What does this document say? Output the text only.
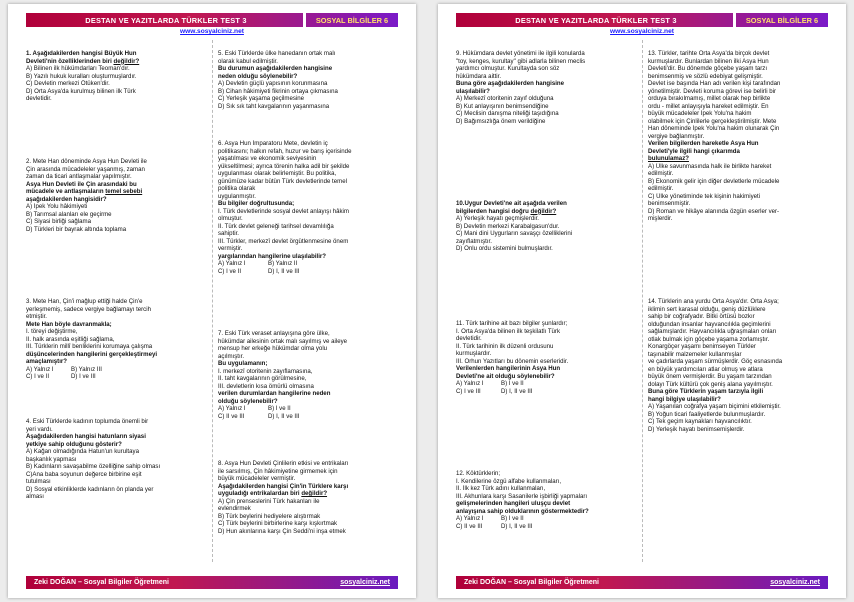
DESTAN VE YAZITLARDA TÜRKLER TEST 3	SOSYAL BİLGİLER 6
www.sosyalciniz.net
1. Aşağıdakilerden hangisi Büyük Hun
Devleti'nin özelliklerinden biri değildir?
A) Bilinen ilk hükümdarları Teoman'dır.
B) Yazılı hukuk kuralları oluşturmuşlardır.
C) Devletin merkezi Ötüken'dir.
D) Orta Asya'da kurulmuş bilinen ilk Türk
devletidir.
2. Mete Han döneminde Asya Hun Devleti ile
Çin arasında mücadeleler yaşanmış, zaman
zaman da ticari antlaşmalar yapılmıştır.
Asya Hun Devleti ile Çin arasındaki bu
mücadele ve antlaşmaların temel sebebi
aşağıdakilerden hangisidir?
A) İpek Yolu hâkimiyeti
B) Tarımsal alanları ele geçirme
C) Siyasi birliği sağlama
D) Türkleri bir bayrak altında toplama
3. Mete Han, Çin'i mağlup ettiği halde Çin'e
yerleşmemiş, sadece vergiye bağlamayı tercih
etmiştir.
Mete Han böyle davranmakla;
I. töreyi değiştirme,
II. halk arasında eşitliği sağlama,
III. Türklerin millî benliklerini korumaya çalışma
düşüncelerinden hangilerini gerçekleştirmeyi
amaçlamıştır?
A) Yalnız I	B) Yalnız III
C) I ve II	D) I ve III
4. Eski Türklerde kadının toplumda önemli bir
yeri vardı.
Aşağıdakilerden hangisi hatunların siyasi
yetkiye sahip olduğunu gösterir?
A) Kağan olmadığında Hatun'un kurultaya
başkanlık yapması
B) Kadınların savaşabilme özelliğine sahip olması
C)Ana baba soyunun değerce birbirine eşit
tutulması
D) Sosyal etkinliklerde kadınların ön planda yer
alması
5. Eski Türklerde ülke hanedanın ortak malı
olarak kabul edilmiştir.
Bu durumun aşağıdakilerden hangisine
neden olduğu söylenebilir?
A) Devletin güçlü yapısının korunmasına
B) Cihan hâkimiyeti fikrinin ortaya çıkmasına
C) Yerleşik yaşama geçilmesine
D) Sık sık taht kavgalarının yaşanmasına
6. Asya Hun İmparatoru Mete, devletin iç
politikasını; halkın refah, huzur ve barış içerisinde
yaşatılması ve ekonomik seviyesinin
yükseltilmesi; ayrıca törenin halka adil bir şekilde
uygulanması olarak belirlemiştir. Bu politika,
günümüze kadar bütün Türk devletlerinde temel
politika olarak
uygulanmıştır.
Bu bilgiler doğrultusunda;
I. Türk devletlerinde sosyal devlet anlayışı hâkim
olmuştur.
II. Türk devlet geleneği tarihsel devamlılığa
sahiptir.
III. Türkler, merkezî devlet örgütlenmesine önem
vermiştir.
yargılarından hangilerine ulaşılabilir?
A) Yalnız I	B) Yalnız II
C) I ve II	D) I, II ve III
7. Eski Türk veraset anlayışına göre ülke,
hükümdar ailesinin ortak malı sayılmış ve aileye
mensup her erkeğe hükümdar olma yolu
açılmıştır.
Bu uygulamanın;
I. merkezî otoritenin zayıflamasına,
II. taht kavgalarının görülmesine,
III. devletlerin kısa ömürlü olmasına
verilen durumlardan hangilerine neden
olduğu söylenebilir?
A) Yalnız I	B) I ve II
C) II ve III	D) I, II ve III
8. Asya Hun Devleti Çinlilerin etkisi ve entrikaları
ile sarsılmış, Çin hâkimiyetine girmemek için
büyük mücadeleler vermiştir.
Aşağıdakilerden hangisi Çin'in Türklere karşı
uyguladığı entrikalardan biri değildir?
A) Çin prenseslerini Türk hakanları ile
evlendirmek
B) Türk beylerini hediyelere alıştırmak
C) Türk beylerini birbirlerine karşı kışkırtmak
D) Hun akınlarına karşı Çin Seddi'ni inşa etmek
Zeki DOĞAN – Sosyal Bilgiler Öğretmeni	sosyalciniz.net
DESTAN VE YAZITLARDA TÜRKLER TEST 3	SOSYAL BİLGİLER 6
www.sosyalciniz.net
9. Hükümdara devlet yönetimi ile ilgili konularda
"toy, kenges, kurultay" gibi adlarla bilinen meclis
yardımcı olmuştur. Kurultayda son söz
hükümdara aittir.
Buna göre aşağıdakilerden hangisine
ulaşılabilir?
A) Merkezî otoritenin zayıf olduğuna
B) Kut anlayışının benimsendiğine
C) Meclisin danışma niteliği taşıdığına
D) Bağımsızlığa önem verildiğine
10.Uygur Devleti'ne ait aşağıda verilen
bilgilerden hangisi doğru değildir?
A) Yerleşik hayatı geçmişlerdir.
B) Devletin merkezi Karabalgasun'dur.
C) Mani dini Uygurların savaşçı özelliklerini
zayıflatmıştır.
D) Onlu ordu sistemini bulmuşlardır.
11. Türk tarihine ait bazı bilgiler şunlardır;
I. Orta Asya'da bilinen ilk teşkilatlı Türk
devletidir.
II. Türk tarihinin ilk düzenli ordusunu
kurmuşlardır.
III. Orhun Yazıtları bu dönemin eserleridir.
Verilenlerden hangilerinin Asya Hun
Devleti'ne ait olduğu söylenebilir?
A) Yalnız I	B) I ve II
C) I ve III	D) I, II ve III
12. Köktürklerin;
I. Kendilerine özgü alfabe kullanmaları,
II. İlk kez Türk adını kullanmaları,
III. Akhunlara karşı Sasanilerle işbirliği yapmaları
gelişmelerinden hangileri uluşçu devlet
anlayışına sahip olduklarının göstermektedir?
A) Yalnız I	B) I ve II
C) II ve III	D) I, II ve III
13. Türkler, tarihte Orta Asya'da birçok devlet
kurmuşlardır. Bunlardan bilinen ilki Asya Hun
Devleti'dir. Bu dönemde göçebe yaşam tarzı
benimsenmiş ve sözlü edebiyat gelişmiştir.
Devlet ise başında Han adı verilen kişi tarafından
yönetilmiştir. Devleti koruma görevi ise belirli bir
orduya bırakılmamış, millet olarak hep birlikte
ordu - millet anlayışıyla hareket edilmiştir. En
büyük mücadeleler İpek Yolu'na hakim
olabilmek için Çinlilerle gerçekleştirilmiştir. Mete
Han döneminde İpek Yolu'na hakim olunarak Çin
vergiye bağlanmıştır.
Verilen bilgilerden hareketle Asya Hun
Devleti'yle ilgili hangi çıkarımda
bulunulamaz?
A) Ülke savunmasında halk ile birlikte hareket
edilmiştir.
B) Ekonomik gelir için diğer devletlerle mücadele
edilmiştir.
C) Ülke yönetiminde tek kişinin hakimiyeti
benimsenmiştir.
D) Roman ve hikâye alanında özgün eserler ver-
mişlerdir.
14. Türklerin ana yurdu Orta Asya'dır. Orta Asya;
iklimin sert karasal olduğu, geniş düzlüklere
sahip bir coğrafyadır. Bitki örtüsü bozkır
olduğundan insanlar hayvancılıkla geçimlerini
sağlamışlardır. Hayvancılıkla uğraşmaları onları
otlak bulmak için göçebe yaşama zorlamıştır.
Konargöçer yaşamı benimseyen Türkler
taşınabilir malzemeler kullanmışlar
ve çadırlarda yaşam sürmüşlerdir. Göç esnasında
en büyük yardımcıları atlar olmuş ve atlara
büyük önem vermişlerdir. Bu yaşam tarzından
dolayı Türk kültürü çok geniş alana yayılmıştır.
Buna göre Türklerin yaşam tarzıyla ilgili
hangi bilgiye ulaşılabilir?
A) Yaşanılan coğrafya yaşam biçimini etkilemiştir.
B) Yoğun ticari faaliyetlerde bulunmuşlardır.
C) Tek geçim kaynakları hayvancılıktır.
D) Yerleşik hayatı benimsemişlerdir.
Zeki DOĞAN – Sosyal Bilgiler Öğretmeni	sosyalciniz.net
